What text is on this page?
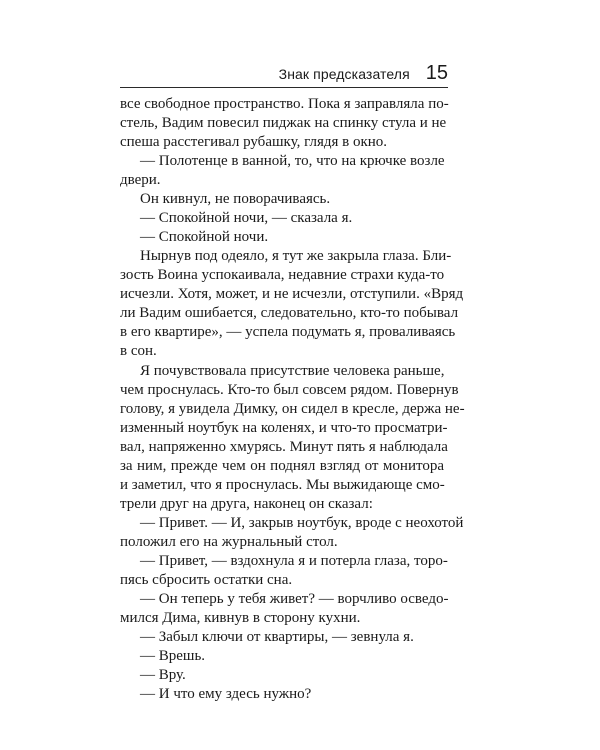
Знак предсказателя 15
все свободное пространство. Пока я заправляла по-
стель, Вадим повесил пиджак на спинку стула и не
спеша расстегивал рубашку, глядя в окно.
— Полотенце в ванной, то, что на крючке возле
двери.
Он кивнул, не поворачиваясь.
— Спокойной ночи, — сказала я.
— Спокойной ночи.
Нырнув под одеяло, я тут же закрыла глаза. Бли-
зость Воина успокаивала, недавние страхи куда-то
исчезли. Хотя, может, и не исчезли, отступили. «Вряд
ли Вадим ошибается, следовательно, кто-то побывал
в его квартире», — успела подумать я, проваливаясь
в сон.
Я почувствовала присутствие человека раньше,
чем проснулась. Кто-то был совсем рядом. Повернув
голову, я увидела Димку, он сидел в кресле, держа не-
изменный ноутбук на коленях, и что-то просматри-
вал, напряженно хмурясь. Минут пять я наблюдала
за ним, прежде чем он поднял взгляд от монитора
и заметил, что я проснулась. Мы выжидающе смо-
трели друг на друга, наконец он сказал:
— Привет. — И, закрыв ноутбук, вроде с неохотой
положил его на журнальный стол.
— Привет, — вздохнула я и потерла глаза, торо-
пясь сбросить остатки сна.
— Он теперь у тебя живет? — ворчливо осведо-
мился Дима, кивнув в сторону кухни.
— Забыл ключи от квартиры, — зевнула я.
— Врешь.
— Вру.
— И что ему здесь нужно?
